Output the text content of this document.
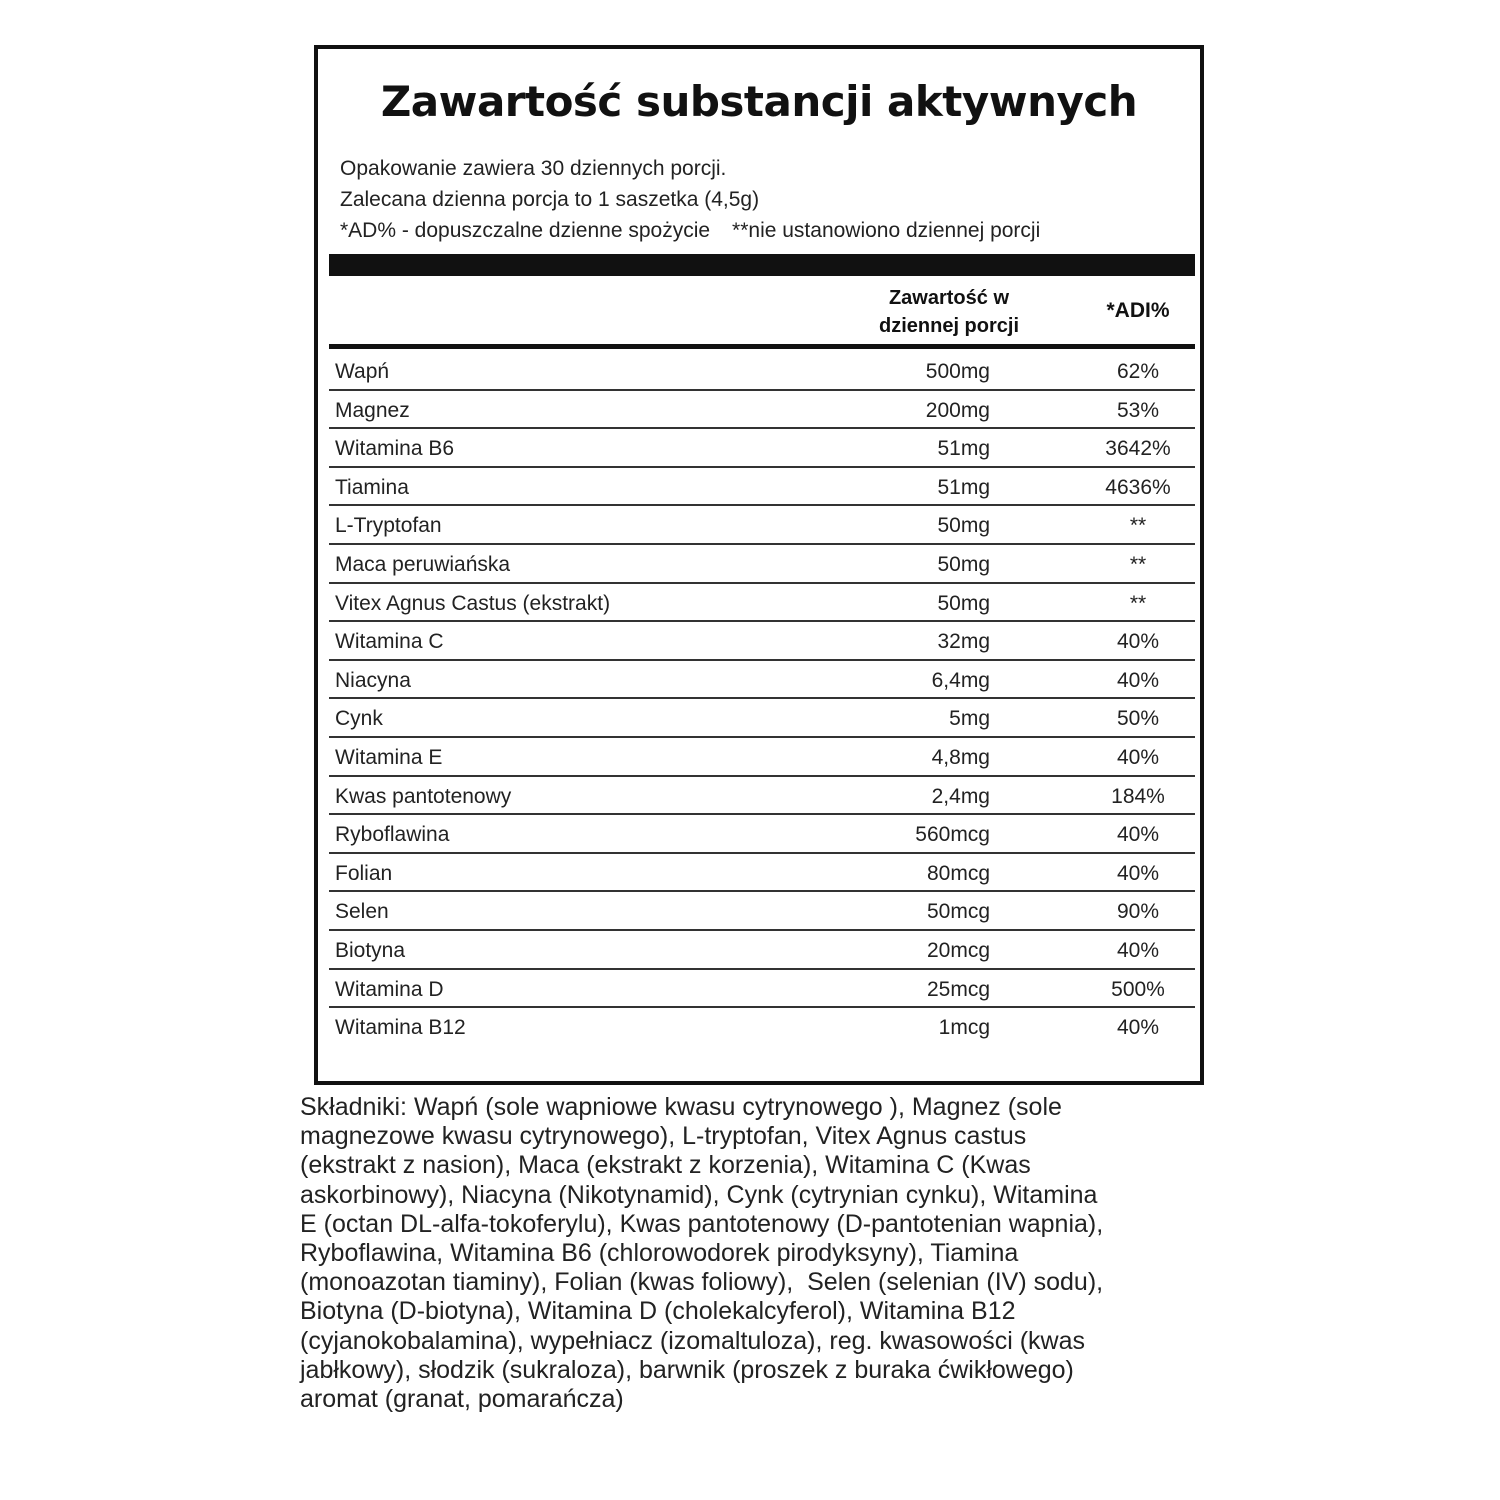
Zawartość substancji aktywnych
Opakowanie zawiera 30 dziennych porcji.
Zalecana dzienna porcja to 1 saszetka (4,5g)
*AD% - dopuszczalne dzienne spożycie **nie ustanowiono dziennej porcji
Zawartość w
dziennej porcji
*ADI%
Wapń	500mg	62%
Magnez	200mg	53%
Witamina B6	51mg	3642%
Tiamina	51mg	4636%
L-Tryptofan	50mg	**
Maca peruwiańska	50mg	**
Vitex Agnus Castus (ekstrakt)	50mg	**
Witamina C	32mg	40%
Niacyna	6,4mg	40%
Cynk	5mg	50%
Witamina E	4,8mg	40%
Kwas pantotenowy	2,4mg	184%
Ryboflawina	560mcg	40%
Folian	80mcg	40%
Selen	50mcg	90%
Biotyna	20mcg	40%
Witamina D	25mcg	500%
Witamina B12	1mcg	40%
Składniki: Wapń (sole wapniowe kwasu cytrynowego ), Magnez (sole
magnezowe kwasu cytrynowego), L-tryptofan, Vitex Agnus castus
(ekstrakt z nasion), Maca (ekstrakt z korzenia), Witamina C (Kwas
askorbinowy), Niacyna (Nikotynamid), Cynk (cytrynian cynku), Witamina
E (octan DL-alfa-tokoferylu), Kwas pantotenowy (D-pantotenian wapnia),
Ryboflawina, Witamina B6 (chlorowodorek pirodyksyny), Tiamina
(monoazotan tiaminy), Folian (kwas foliowy),  Selen (selenian (IV) sodu),
Biotyna (D-biotyna), Witamina D (cholekalcyferol), Witamina B12
(cyjanokobalamina), wypełniacz (izomaltuloza), reg. kwasowości (kwas
jabłkowy), słodzik (sukraloza), barwnik (proszek z buraka ćwikłowego)
aromat (granat, pomarańcza)
